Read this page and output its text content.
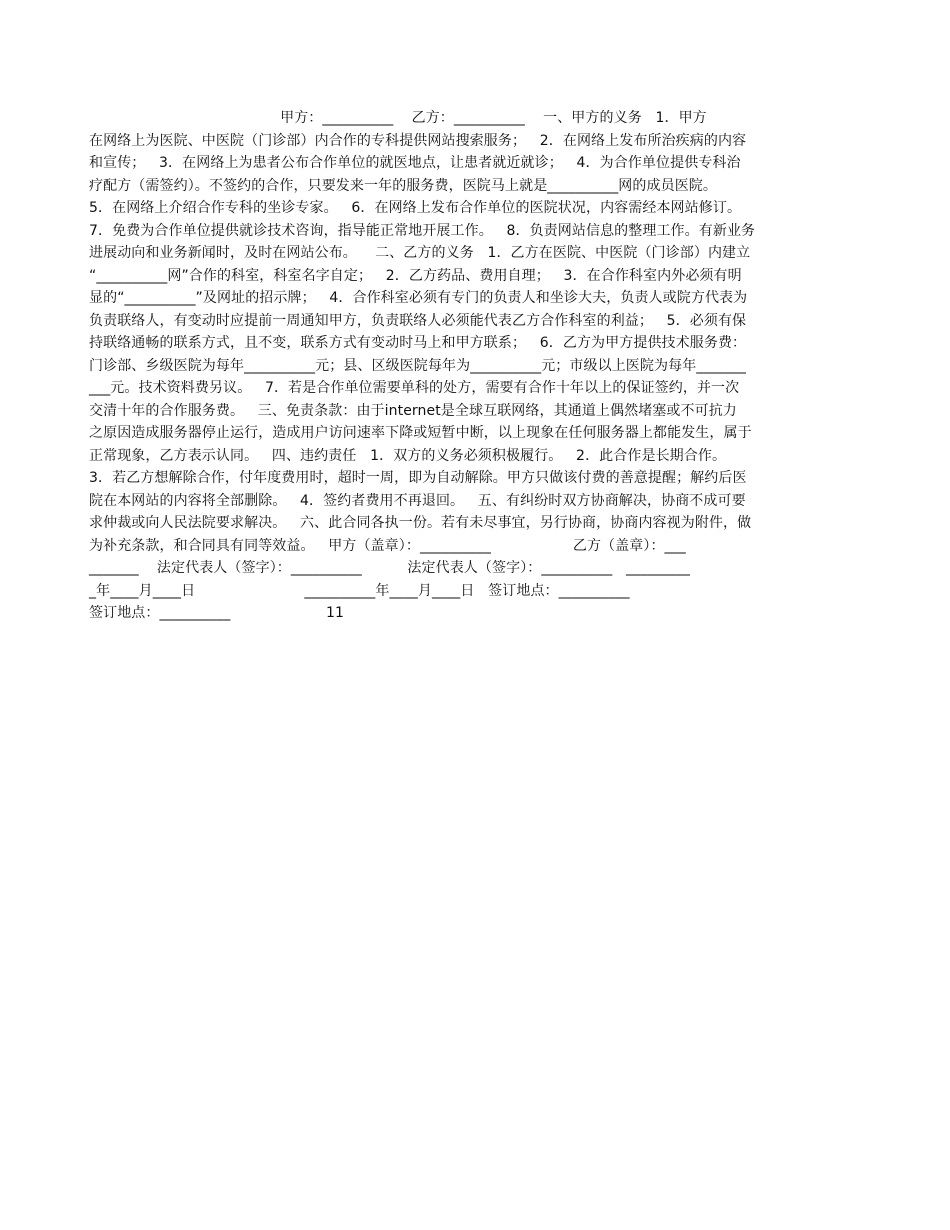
甲方：__________    乙方：__________    一、甲方的义务   1．甲方
在网络上为医院、中医院（门诊部）内合作的专科提供网站搜索服务；   2．在网络上发布所治疾病的内容
和宣传；   3．在网络上为患者公布合作单位的就医地点，让患者就近就诊；   4．为合作单位提供专科治
疗配方（需签约）。不签约的合作，只要发来一年的服务费，医院马上就是__________网的成员医院。
5．在网络上介绍合作专科的坐诊专家。   6．在网络上发布合作单位的医院状况，内容需经本网站修订。
7．免费为合作单位提供就诊技术咨询，指导能正常地开展工作。   8．负责网站信息的整理工作。有新业务
进展动向和业务新闻时，及时在网站公布。    二、乙方的义务   1．乙方在医院、中医院（门诊部）内建立
“__________网”合作的科室，科室名字自定；   2．乙方药品、费用自理；   3．在合作科室内外必须有明
显的“__________”及网址的招示牌；   4．合作科室必须有专门的负责人和坐诊大夫，负责人或院方代表为
负责联络人，有变动时应提前一周通知甲方，负责联络人必须能代表乙方合作科室的利益；   5．必须有保
持联络通畅的联系方式，且不变，联系方式有变动时马上和甲方联系；   6．乙方为甲方提供技术服务费：
门诊部、乡级医院为每年__________元；县、区级医院每年为__________元；市级以上医院为每年_______
___元。技术资料费另议。   7．若是合作单位需要单科的处方，需要有合作十年以上的保证签约，并一次
交清十年的合作服务费。   三、免责条款：由于internet是全球互联网络，其通道上偶然堵塞或不可抗力
之原因造成服务器停止运行，造成用户访问速率下降或短暂中断，以上现象在任何服务器上都能发生，属于
正常现象，乙方表示认同。   四、违约责任   1．双方的义务必须积极履行。   2．此合作是长期合作。
3．若乙方想解除合作，付年度费用时，超时一周，即为自动解除。甲方只做该付费的善意提醒；解约后医
院在本网站的内容将全部删除。   4．签约者费用不再退回。   五、有纠纷时双方协商解决，协商不成可要
求仲裁或向人民法院要求解决。   六、此合同各执一份。若有未尽事宜，另行协商，协商内容视为附件，做
为补充条款，和合同具有同等效益。   甲方（盖章）：__________                  乙方（盖章）：___
_______    法定代表人（签字）：__________          法定代表人（签字）：__________   _________
_年____月____日                        __________年____月____日   签订地点：__________
签订地点：__________                     11
